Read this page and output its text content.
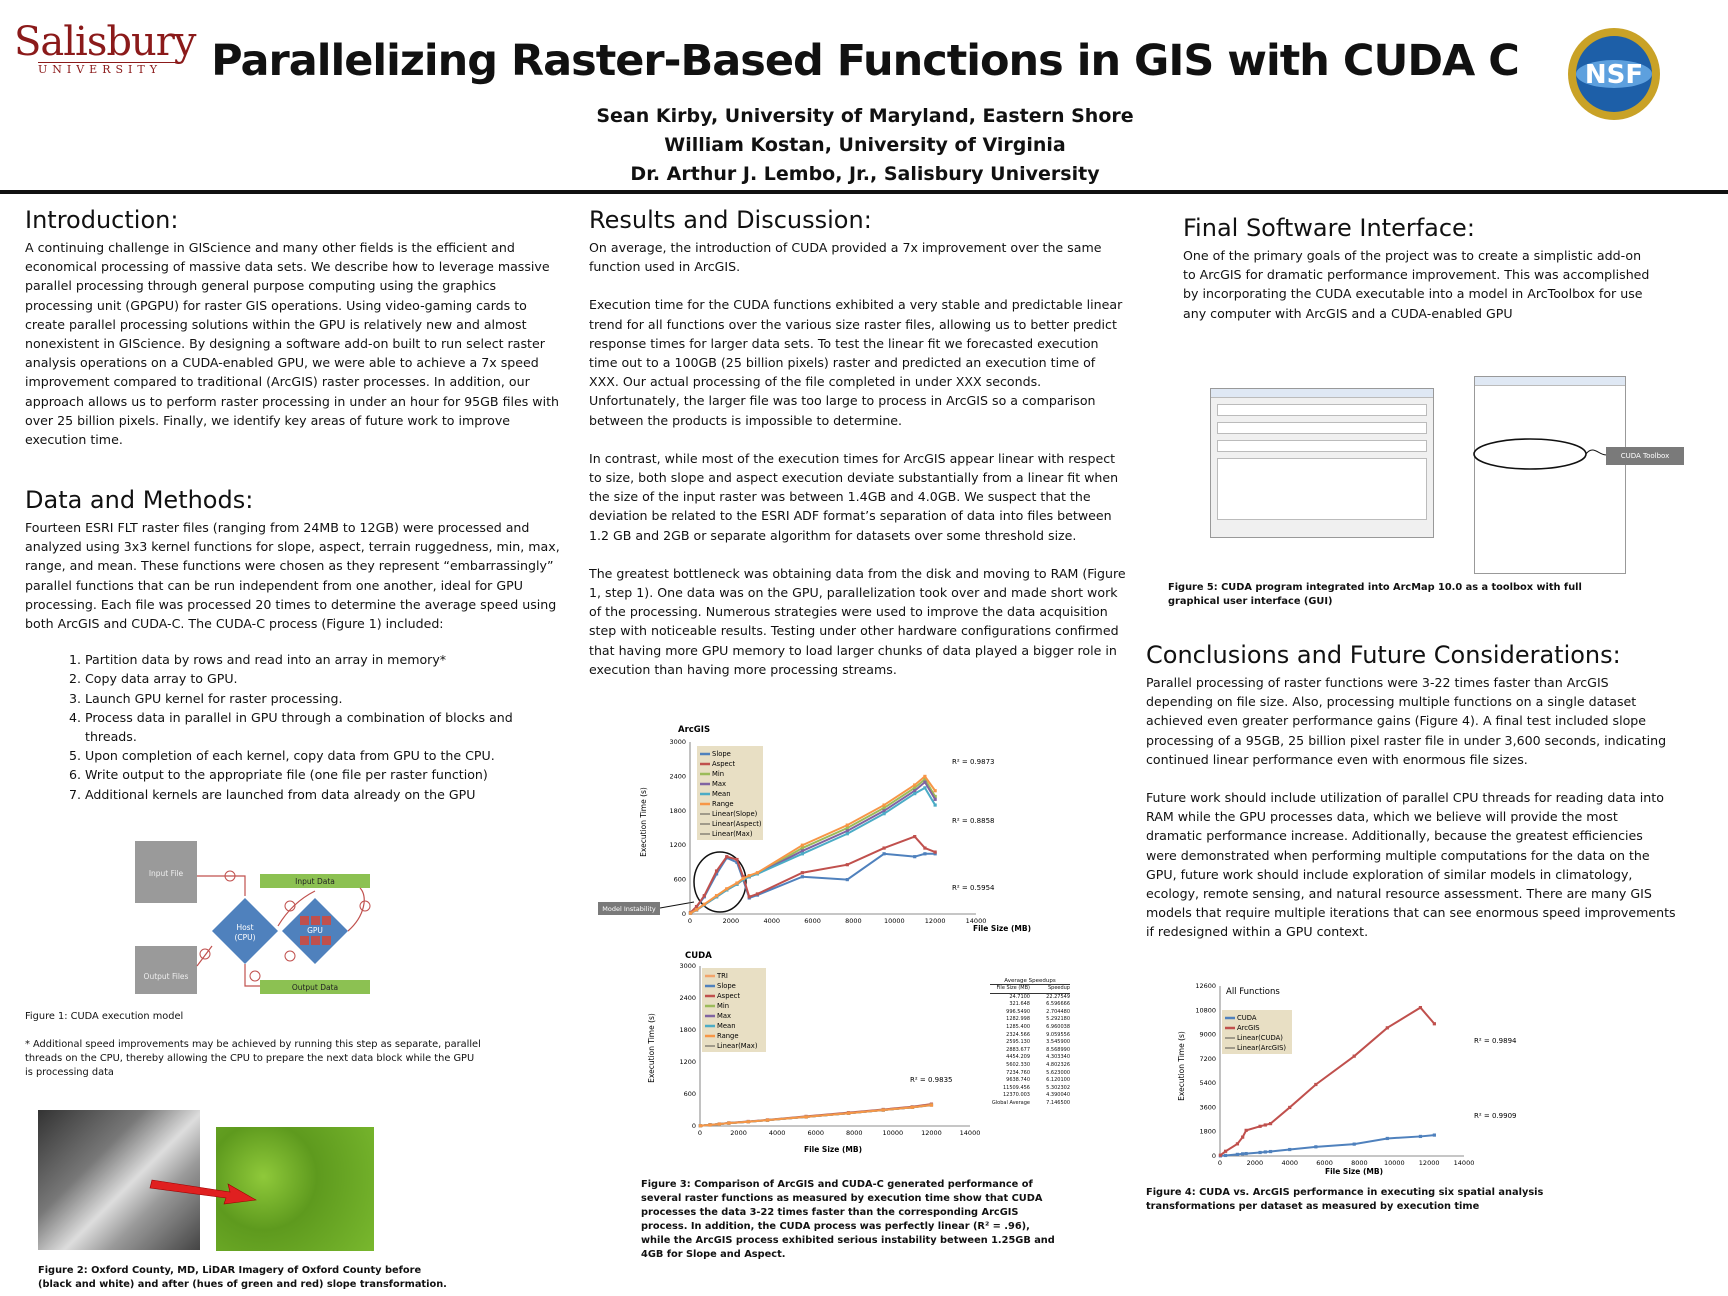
Salisbury
UNIVERSITY	NSF
Parallelizing Raster-Based Functions in GIS with CUDA C
Sean Kirby, University of Maryland, Eastern Shore
William Kostan, University of Virginia
Dr. Arthur J. Lembo, Jr., Salisbury University
Introduction:

A continuing challenge in GIScience and many other fields is the efficient and economical processing of massive data sets. We describe how to leverage massive parallel processing through general purpose computing using the graphics processing unit (GPGPU) for raster GIS operations. Using video-gaming cards to create parallel processing solutions within the GPU is relatively new and almost nonexistent in GIScience. By designing a software add-on built to run select raster analysis operations on a CUDA-enabled GPU, we were able to achieve a 7x speed improvement compared to traditional (ArcGIS) raster processes. In addition, our approach allows us to perform raster processing in under an hour for 95GB files with over 25 billion pixels. Finally, we identify key areas of future work to improve execution time.

Data and Methods:

Fourteen ESRI FLT raster files (ranging from 24MB to 12GB) were processed and analyzed using 3x3 kernel functions for slope, aspect, terrain ruggedness, min, max, range, and mean. These functions were chosen as they represent “embarrassingly” parallel functions that can be run independent from one another, ideal for GPU processing. Each file was processed 20 times to determine the average speed using both ArcGIS and CUDA-C. The CUDA-C process (Figure 1) included:

1. Partition data by rows and read into an array in memory*
2. Copy data array to GPU.
3. Launch GPU kernel for raster processing.
4. Process data in parallel in GPU through a combination of blocks and threads.
5. Upon completion of each kernel, copy data from GPU to the CPU.
6. Write output to the appropriate file (one file per raster function)
7. Additional kernels are launched from data already on the GPU
Input File
Output Files
Input Data
Output Data
Host
(CPU)
GPU
Figure 1: CUDA execution model
* Additional speed improvements may be achieved by running this step as separate, parallel threads on the CPU, thereby allowing the CPU to prepare the next data block while the GPU is processing data
Figure 2: Oxford County, MD, LiDAR Imagery of Oxford County before (black and white) and after (hues of green and red) slope transformation.
Results and Discussion:

On average, the introduction of CUDA provided a 7x improvement over the same function used in ArcGIS.

Execution time for the CUDA functions exhibited a very stable and predictable linear trend for all functions over the various size raster files, allowing us to better predict response times for larger data sets. To test the linear fit we forecasted execution time out to a 100GB (25 billion pixels) raster and predicted an execution time of XXX. Our actual processing of the file completed in under XXX seconds. Unfortunately, the larger file was too large to process in ArcGIS so a comparison between the products is impossible to determine.

In contrast, while most of the execution times for ArcGIS appear linear with respect to size, both slope and aspect execution deviate substantially from a linear fit when the size of the input raster was between 1.4GB and 4.0GB. We suspect that the deviation be related to the ESRI ADF format’s separation of data into files between 1.2 GB and 2GB or separate algorithm for datasets over some threshold size.

The greatest bottleneck was obtaining data from the disk and moving to RAM (Figure 1, step 1). One data was on the GPU, parallelization took over and made short work of the processing. Numerous strategies were used to improve the data acquisition step with noticeable results. Testing under other hardware configurations confirmed that having more GPU memory to load larger chunks of data played a bigger role in execution than having more processing streams.

ArcGIS
File Size (MB)
Execution Time (s)
R² = 0.9873
R² = 0.8858
R² = 0.5954
Model Instability
0	2000	4000	6000	8000	10000	12000	14000
0
600
1200
1800
2400
3000
Slope
Aspect
Min
Max
Mean
Range
Linear(Slope)
Linear(Aspect)
Linear(Max)
CUDA
File Size (MB)
Execution Time (s)	R² = 0.9835
0	2000	4000	6000	8000	10000	12000	14000
0
600
1200
1800
2400
3000
TRI
Slope
Aspect
Min
Max
Mean
Range
Linear(Max)
Average Speedups
File Size (MB)	Speedup
24.7100	22.27549
321.648	6.596666
996.5490	2.704480
1282.998	5.292180
1285.400	6.960038
2324.566	9.059556
2595.130	3.545900
2883.677	8.568990
4454.209	4.303340
5602.330	4.802326
7234.760	5.623000
9638.740	6.120100
11509.456	5.302302
12370.003	4.390040
Global Average	7.146500
Figure 3: Comparison of ArcGIS and CUDA-C generated performance of several raster functions as measured by execution time show that CUDA processes the data 3-22 times faster than the corresponding ArcGIS process. In addition, the CUDA process was perfectly linear (R² = .96), while the ArcGIS process exhibited serious instability between 1.25GB and 4GB for Slope and Aspect.
Final Software Interface:

One of the primary goals of the project was to create a simplistic add-on to ArcGIS for dramatic performance improvement. This was accomplished by incorporating the CUDA executable into a model in ArcToolbox for use any computer with ArcGIS and a CUDA-enabled GPU

CUDA Toolbox
Figure 5: CUDA program integrated into ArcMap 10.0 as a toolbox with full graphical user interface (GUI)
Conclusions and Future Considerations:

Parallel processing of raster functions were 3-22 times faster than ArcGIS depending on file size. Also, processing multiple functions on a single dataset achieved even greater performance gains (Figure 4). A final test included slope processing of a 95GB, 25 billion pixel raster file in under 3,600 seconds, indicating continued linear performance even with enormous file sizes.

Future work should include utilization of parallel CPU threads for reading data into RAM while the GPU processes data, which we believe will provide the most dramatic performance increase. Additionally, because the greatest efficiencies were demonstrated when performing multiple computations for the data on the GPU, future work should include exploration of similar models in climatology, ecology, remote sensing, and natural resource assessment. There are many GIS models that require multiple iterations that can see enormous speed improvements if redesigned within a GPU context.

All Functions
File Size (MB)
Execution Time (s)	R² = 0.9894
R² = 0.9909
0	2000	4000	6000	8000 10000 12000 14000
0
1800
3600
5400
7200
9000
10800
12600
CUDA
ArcGIS
Linear(CUDA)
Linear(ArcGIS)
Figure 4: CUDA vs. ArcGIS performance in executing six spatial analysis transformations per dataset as measured by execution time
